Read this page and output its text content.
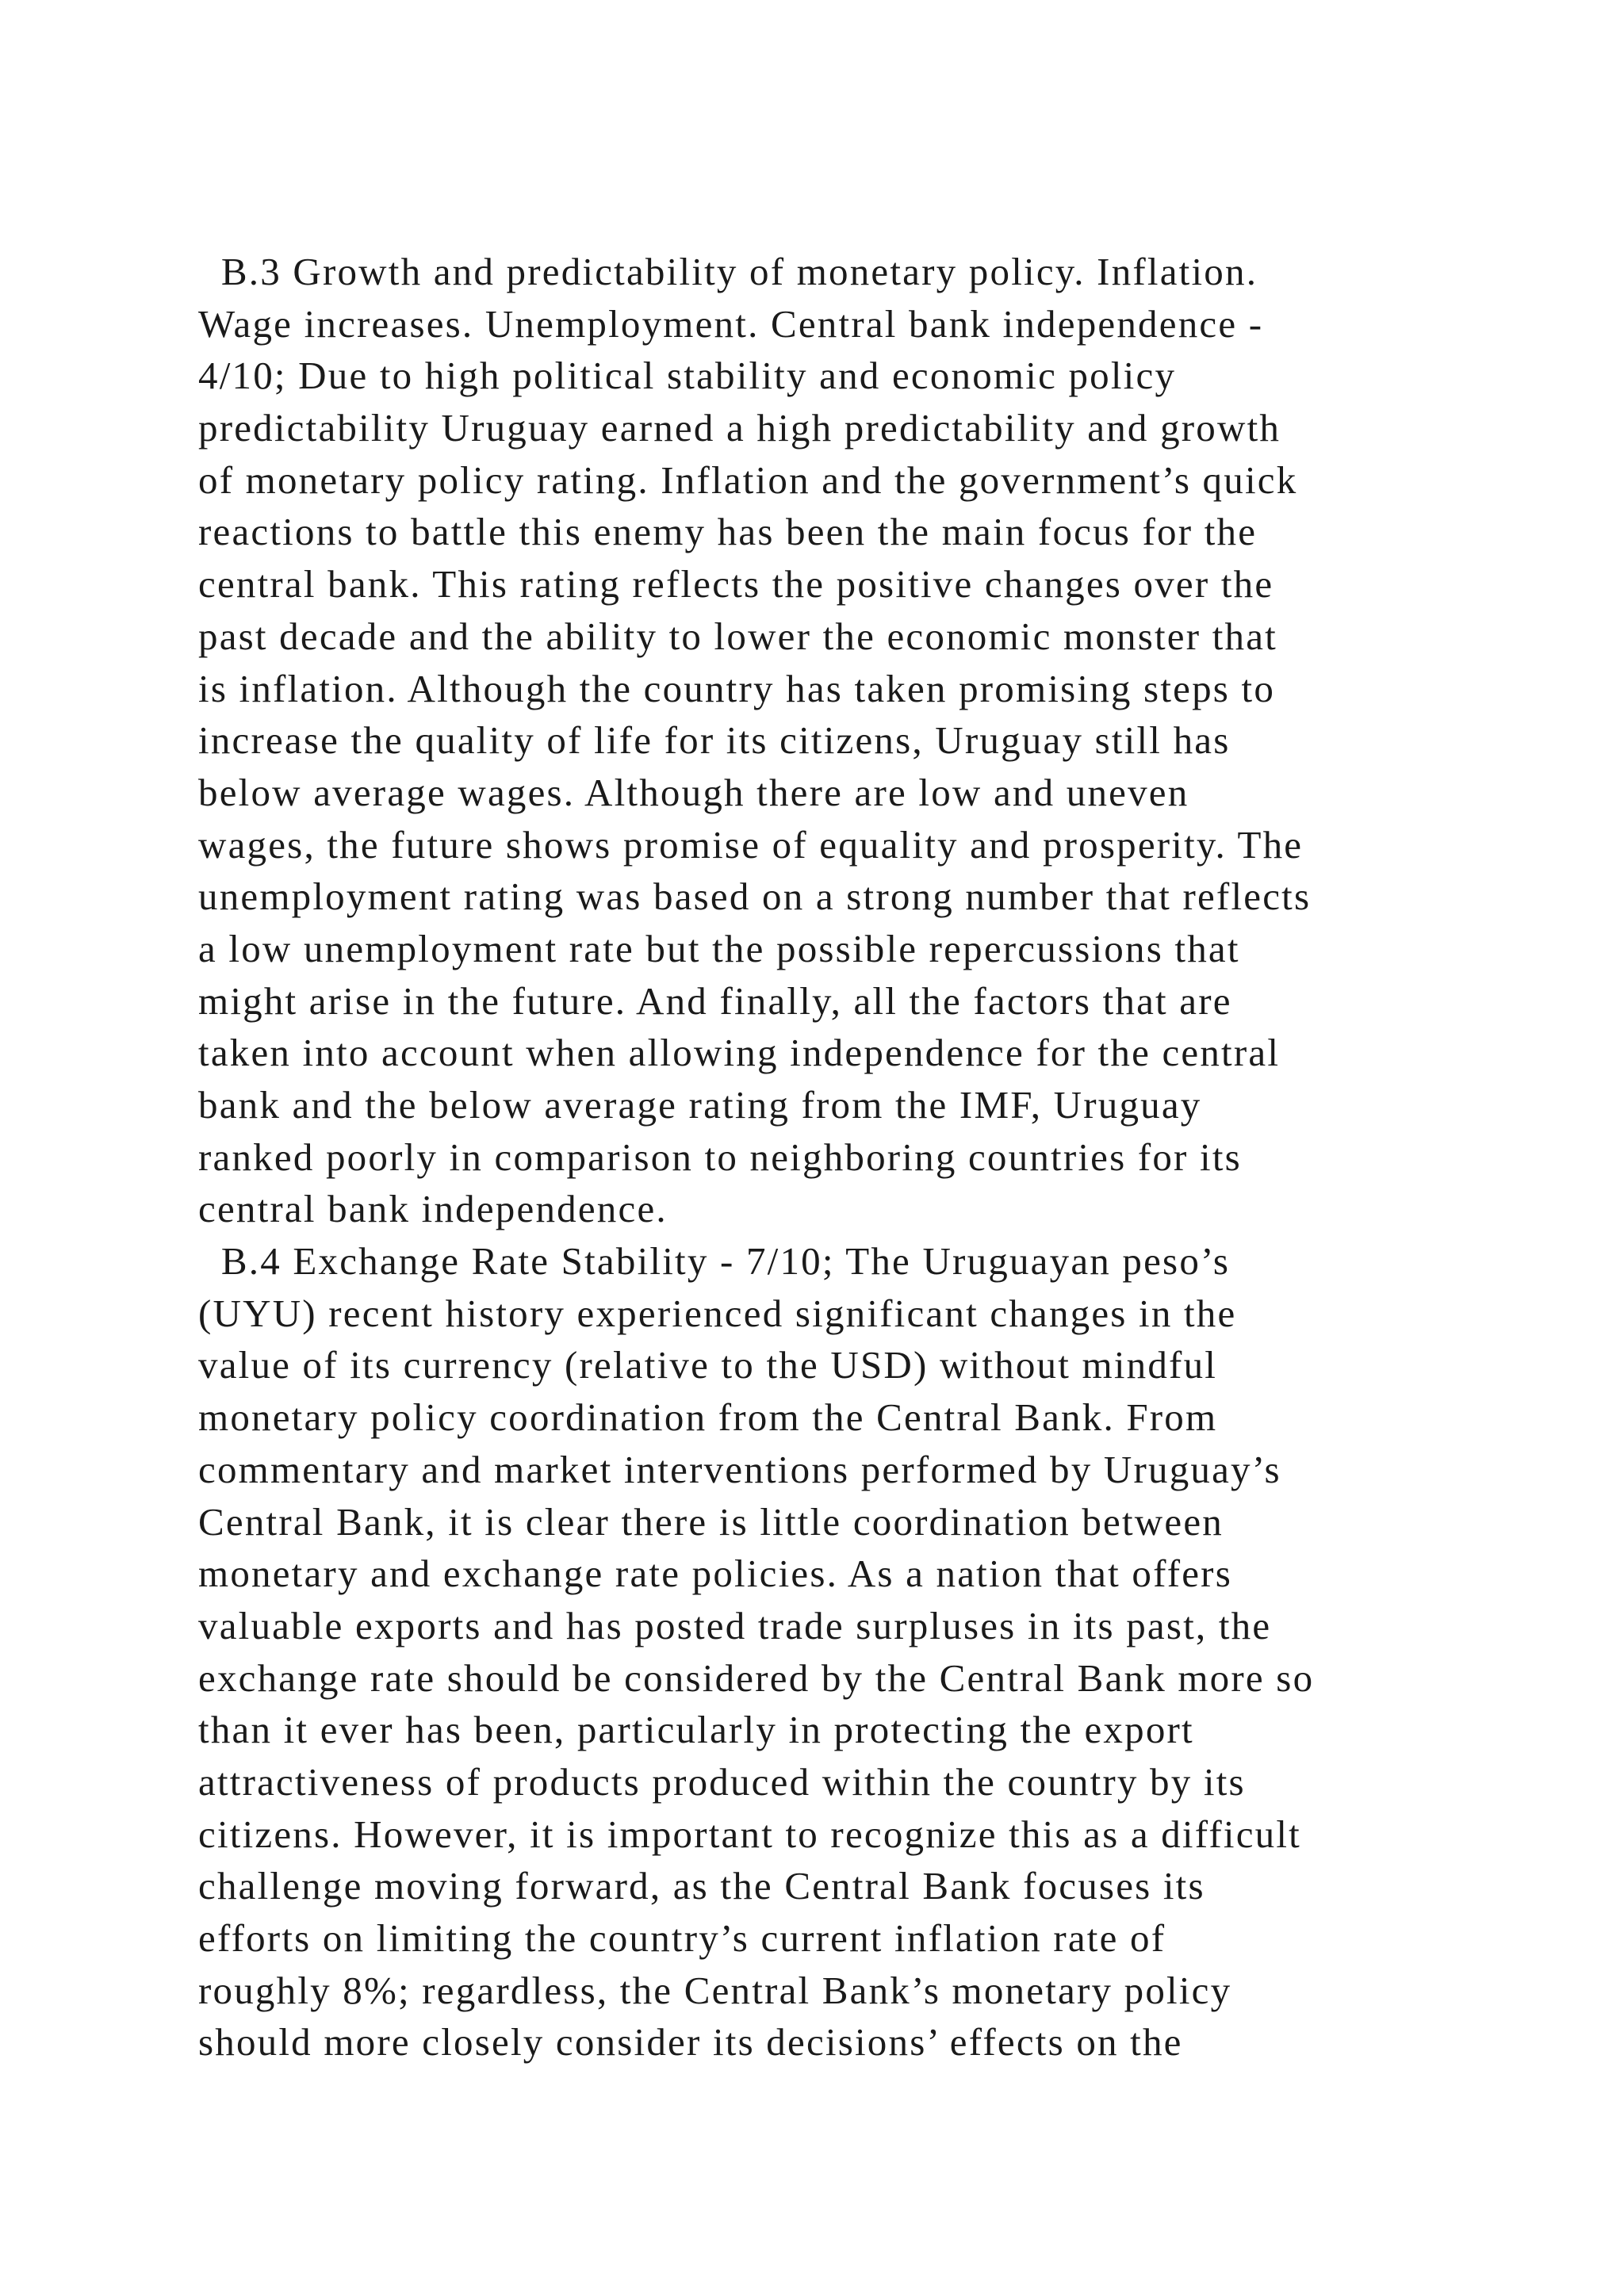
B.3 Growth and predictability of monetary policy. Inflation.
Wage increases. Unemployment. Central bank independence -
4/10; Due to high political stability and economic policy
predictability Uruguay earned a high predictability and growth
of monetary policy rating. Inflation and the government’s quick
reactions to battle this enemy has been the main focus for the
central bank. This rating reflects the positive changes over the
past decade and the ability to lower the economic monster that
is inflation. Although the country has taken promising steps to
increase the quality of life for its citizens, Uruguay still has
below average wages. Although there are low and uneven
wages, the future shows promise of equality and prosperity. The
unemployment rating was based on a strong number that reflects
a low unemployment rate but the possible repercussions that
might arise in the future. And finally, all the factors that are
taken into account when allowing independence for the central
bank and the below average rating from the IMF, Uruguay
ranked poorly in comparison to neighboring countries for its
central bank independence.
B.4 Exchange Rate Stability - 7/10; The Uruguayan peso’s
(UYU) recent history experienced significant changes in the
value of its currency (relative to the USD) without mindful
monetary policy coordination from the Central Bank. From
commentary and market interventions performed by Uruguay’s
Central Bank, it is clear there is little coordination between
monetary and exchange rate policies. As a nation that offers
valuable exports and has posted trade surpluses in its past, the
exchange rate should be considered by the Central Bank more so
than it ever has been, particularly in protecting the export
attractiveness of products produced within the country by its
citizens. However, it is important to recognize this as a difficult
challenge moving forward, as the Central Bank focuses its
efforts on limiting the country’s current inflation rate of
roughly 8%; regardless, the Central Bank’s monetary policy
should more closely consider its decisions’ effects on the
